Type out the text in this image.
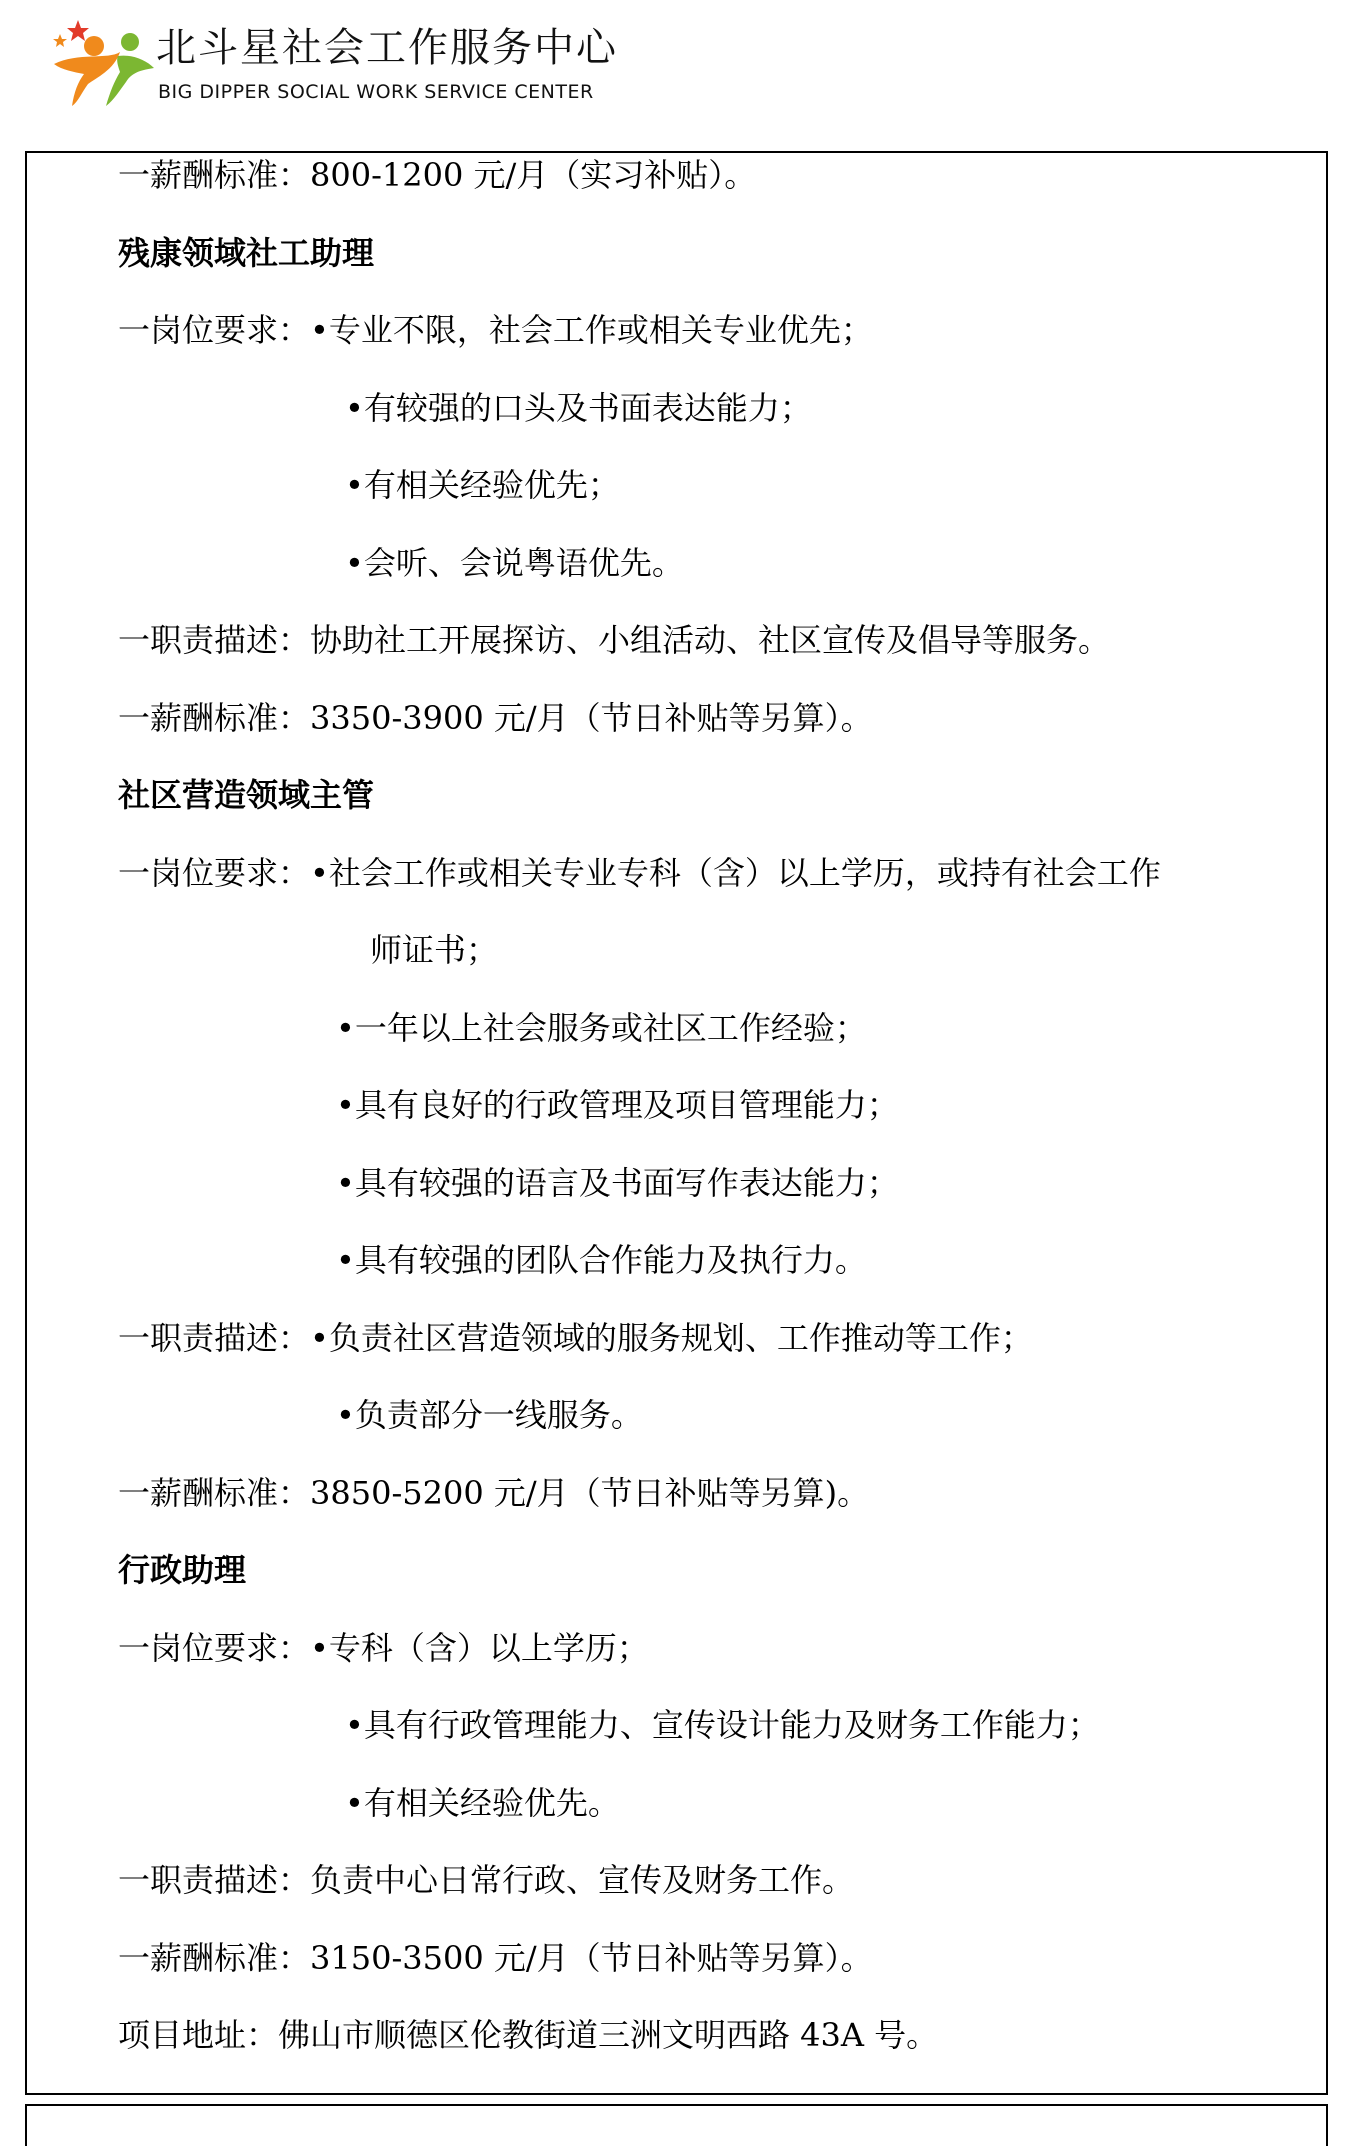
北斗星社会工作服务中心
BIG DIPPER SOCIAL WORK SERVICE CENTER
一薪酬标准：800-1200 元/月（实习补贴）。
残康领域社工助理
一岗位要求：•专业不限，社会工作或相关专业优先；
•有较强的口头及书面表达能力；
•有相关经验优先；
•会听、会说粤语优先。
一职责描述：协助社工开展探访、小组活动、社区宣传及倡导等服务。
一薪酬标准：3350-3900 元/月（节日补贴等另算）。
社区营造领域主管
一岗位要求：•社会工作或相关专业专科（含）以上学历，或持有社会工作
师证书；
•一年以上社会服务或社区工作经验；
•具有良好的行政管理及项目管理能力；
•具有较强的语言及书面写作表达能力；
•具有较强的团队合作能力及执行力。
一职责描述：•负责社区营造领域的服务规划、工作推动等工作；
•负责部分一线服务。
一薪酬标准：3850-5200 元/月（节日补贴等另算)。
行政助理
一岗位要求：•专科（含）以上学历；
•具有行政管理能力、宣传设计能力及财务工作能力；
•有相关经验优先。
一职责描述：负责中心日常行政、宣传及财务工作。
一薪酬标准：3150-3500 元/月（节日补贴等另算）。
项目地址：佛山市顺德区伦教街道三洲文明西路 43A 号。
